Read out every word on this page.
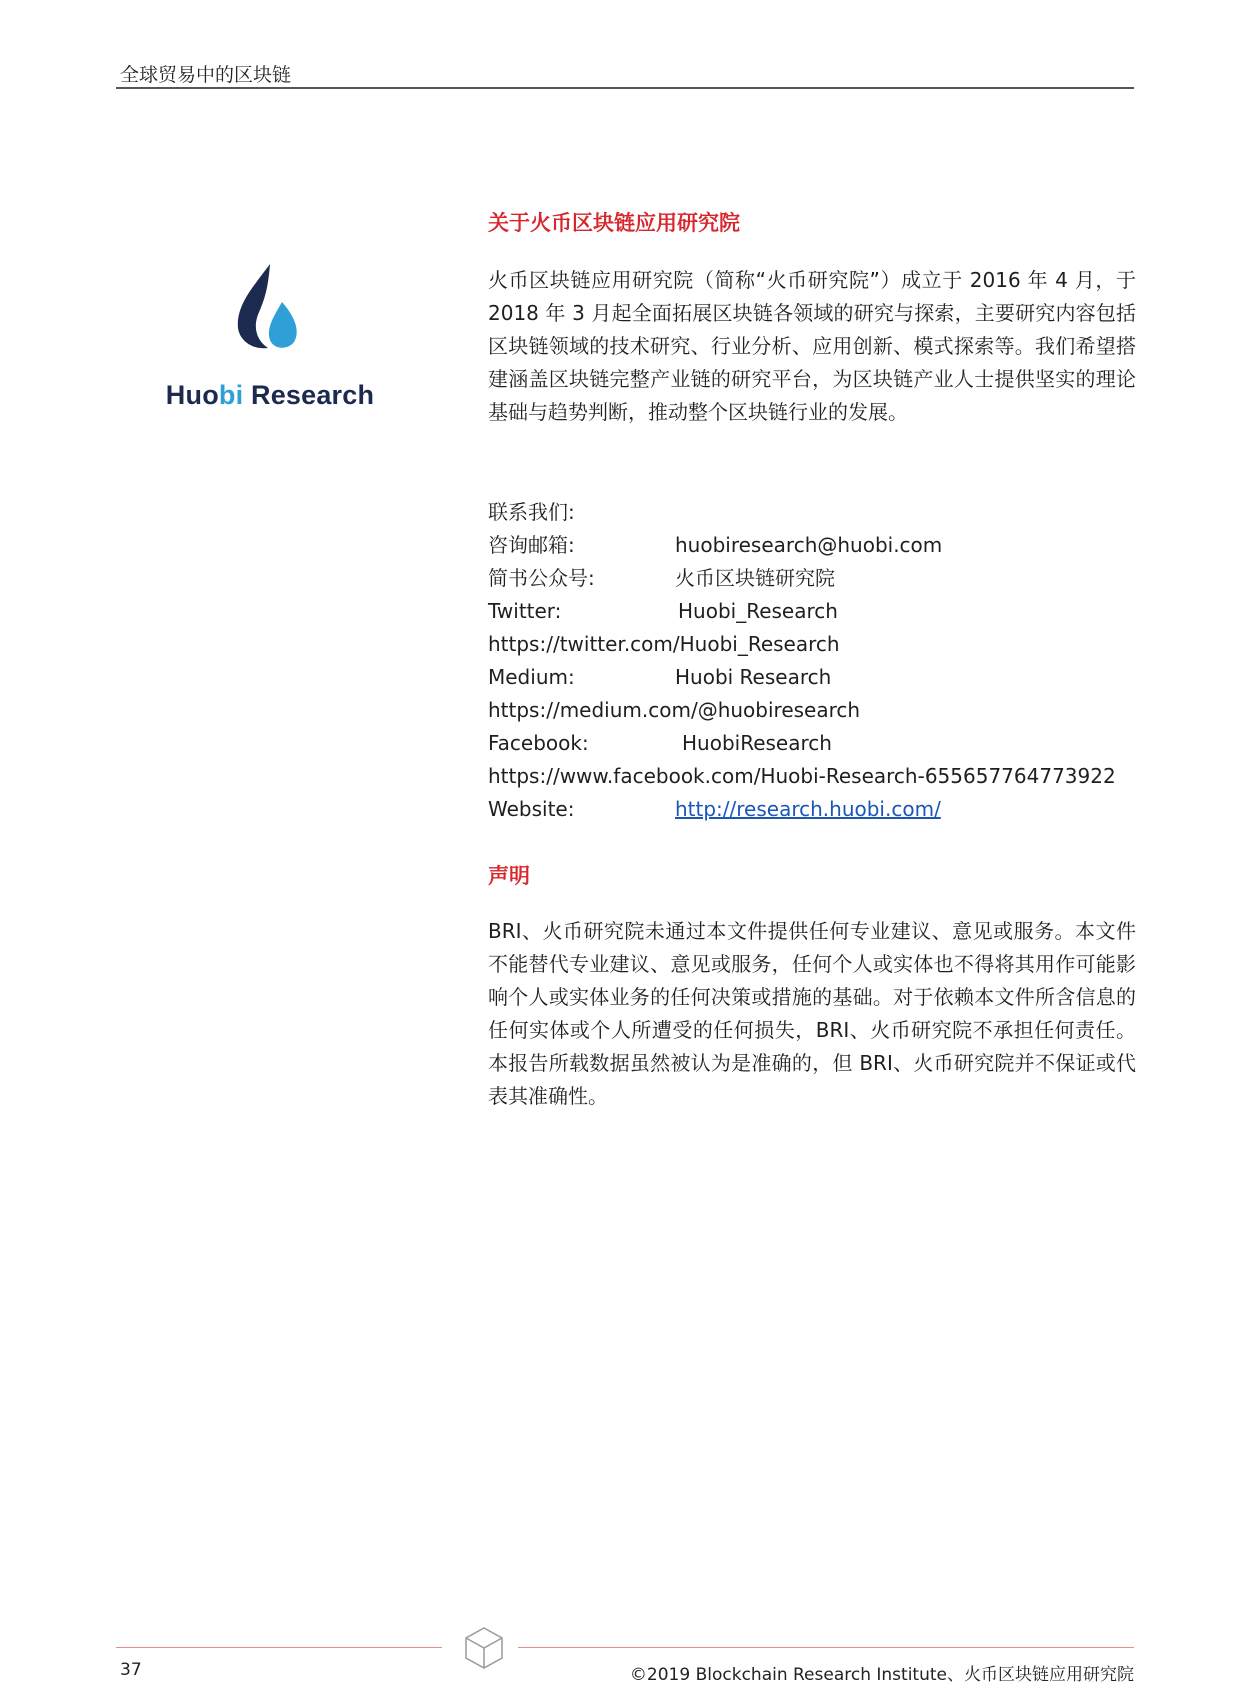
全球贸易中的区块链
Huobi Research
关于火币区块链应用研究院
火币区块链应用研究院（简称“火币研究院”）成立于 2016 年 4 月，于 2018 年 3 月起全面拓展区块链各领域的研究与探索，主要研究内容包括区块链领域的技术研究、行业分析、应用创新、模式探索等。我们希望搭建涵盖区块链完整产业链的研究平台，为区块链产业人士提供坚实的理论基础与趋势判断，推动整个区块链行业的发展。
联系我们:
咨询邮箱:	huobiresearch@huobi.com
简书公众号:	火币区块链研究院
Twitter:	Huobi_Research
https://twitter.com/Huobi_Research
Medium:	Huobi Research
https://medium.com/@huobiresearch
Facebook:	HuobiResearch
https://www.facebook.com/Huobi-Research-655657764773922
Website:	http://research.huobi.com/
声明
BRI、火币研究院未通过本文件提供任何专业建议、意见或服务。本文件不能替代专业建议、意见或服务，任何个人或实体也不得将其用作可能影响个人或实体业务的任何决策或措施的基础。对于依赖本文件所含信息的任何实体或个人所遭受的任何损失，BRI、火币研究院不承担任何责任。本报告所载数据虽然被认为是准确的，但 BRI、火币研究院并不保证或代表其准确性。
37	©2019 Blockchain Research Institute、火币区块链应用研究院
